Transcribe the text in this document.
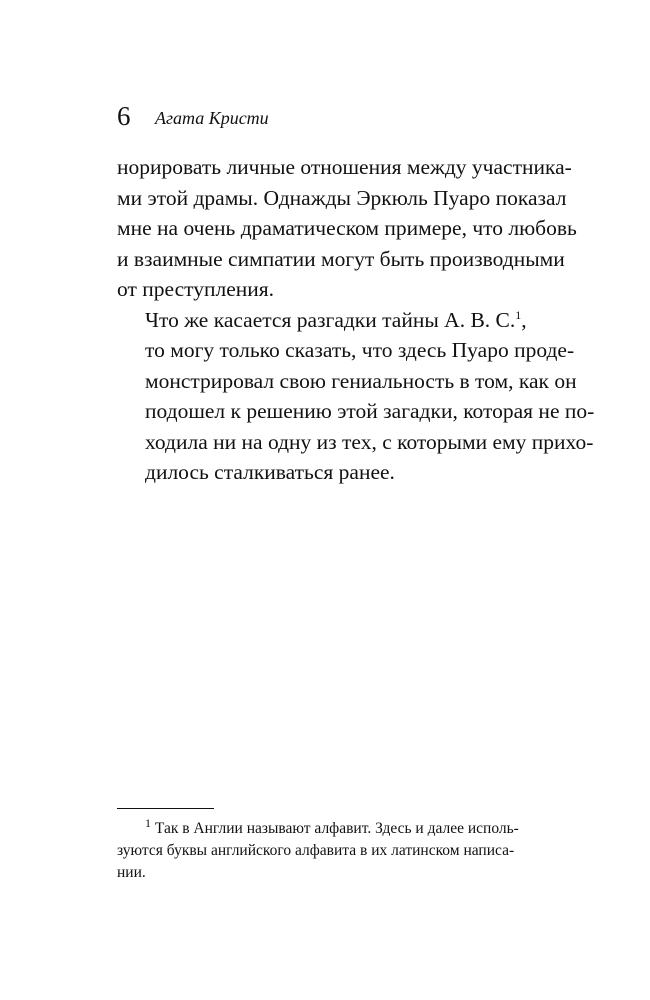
6 Агата Кристи

норировать личные отношения между участника-
ми этой драмы. Однажды Эркюль Пуаро показал
мне на очень драматическом примере, что любовь
и взаимные симпатии могут быть производными
от преступления.

Что же касается разгадки тайны А. B. C.$^1$,
то могу только сказать, что здесь Пуаро продe-
монстрировал свою гениальность в том, как он
подошел к решению этой загадки, которая не по-
ходила ни на одну из тех, с которыми ему прихо-
дилось сталкиваться ранее.

$^1$ Так в Англии называют алфавит. Здесь и далее исполь-
зуются буквы английского алфавита в их латинском написа-
нии.
